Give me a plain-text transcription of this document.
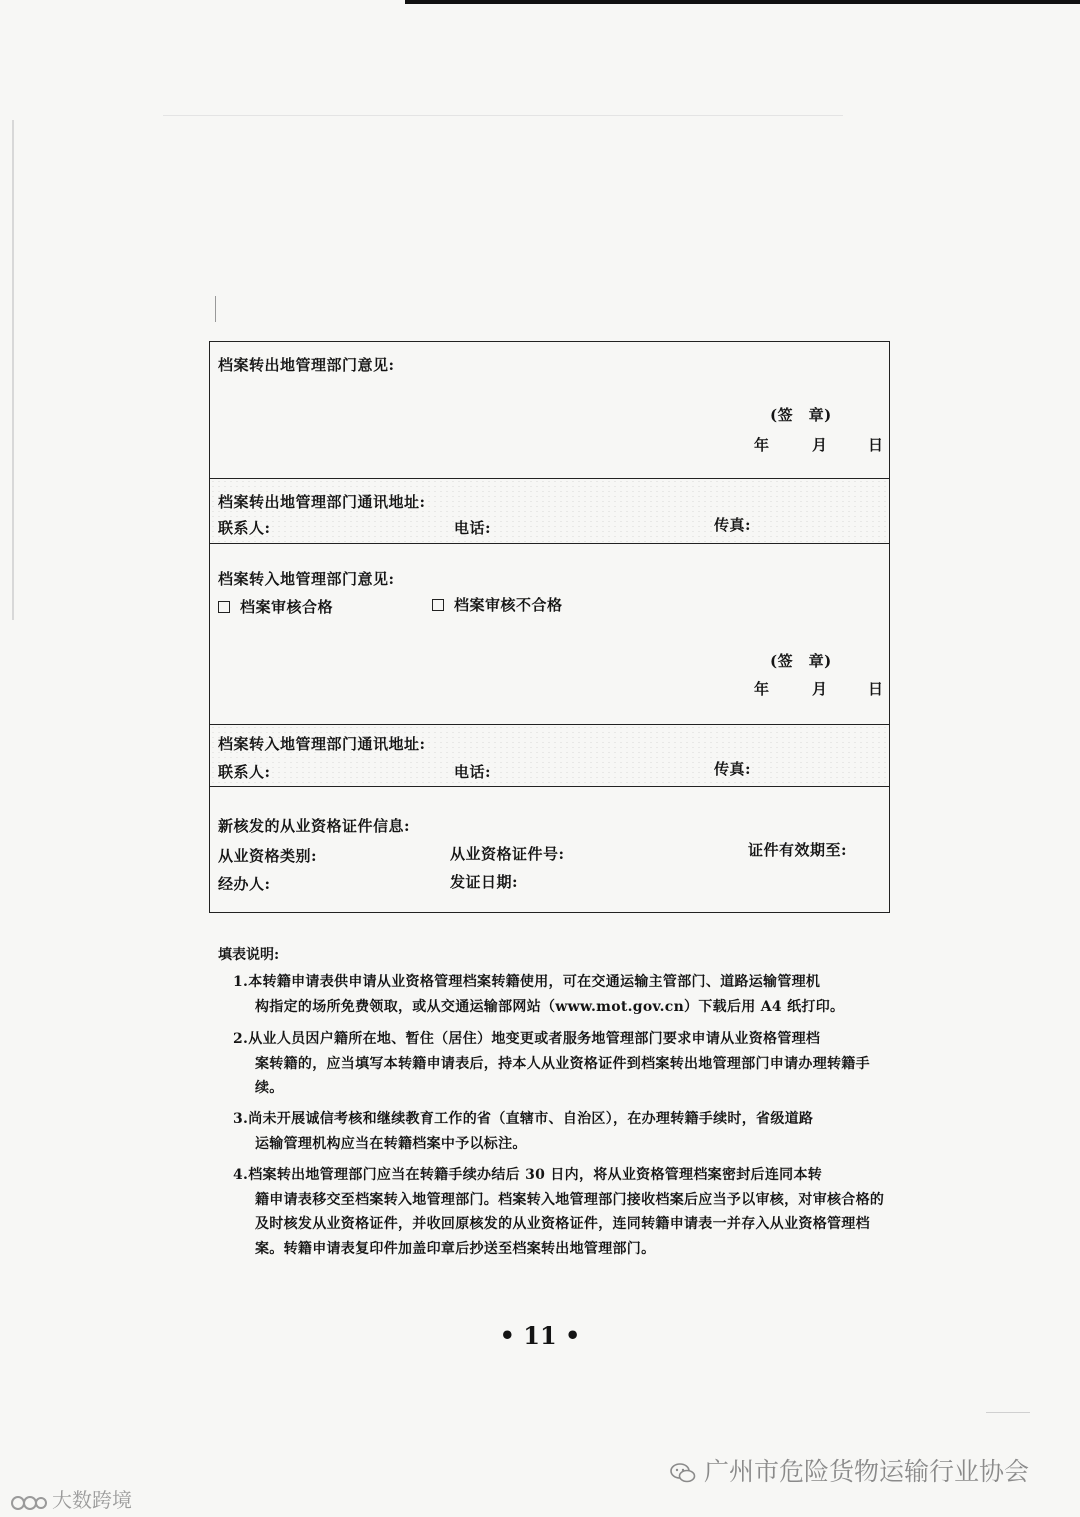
档案转出地管理部门意见:
(签　章)
年	月	日
档案转出地管理部门通讯地址:
联系人:	电话:	传真:
档案转入地管理部门意见:
档案审核合格	档案审核不合格
(签　章)
年	月	日
档案转入地管理部门通讯地址:
联系人:	电话:	传真:
新核发的从业资格证件信息:
从业资格类别:	从业资格证件号:	证件有效期至:
经办人:	发证日期:
填表说明:
1.本转籍申请表供申请从业资格管理档案转籍使用，可在交通运输主管部门、道路运输管理机
构指定的场所免费领取，或从交通运输部网站（www.mot.gov.cn）下载后用 A4 纸打印。
2.从业人员因户籍所在地、暂住（居住）地变更或者服务地管理部门要求申请从业资格管理档
案转籍的，应当填写本转籍申请表后，持本人从业资格证件到档案转出地管理部门申请办理转籍手续。
3.尚未开展诚信考核和继续教育工作的省（直辖市、自治区），在办理转籍手续时，省级道路
运输管理机构应当在转籍档案中予以标注。
4.档案转出地管理部门应当在转籍手续办结后 30 日内，将从业资格管理档案密封后连同本转
籍申请表移交至档案转入地管理部门。档案转入地管理部门接收档案后应当予以审核，对审核合格的及时核发从业资格证件，并收回原核发的从业资格证件，连同转籍申请表一并存入从业资格管理档案。转籍申请表复印件加盖印章后抄送至档案转出地管理部门。
• 11 •
广州市危险货物运输行业协会
大数跨境
